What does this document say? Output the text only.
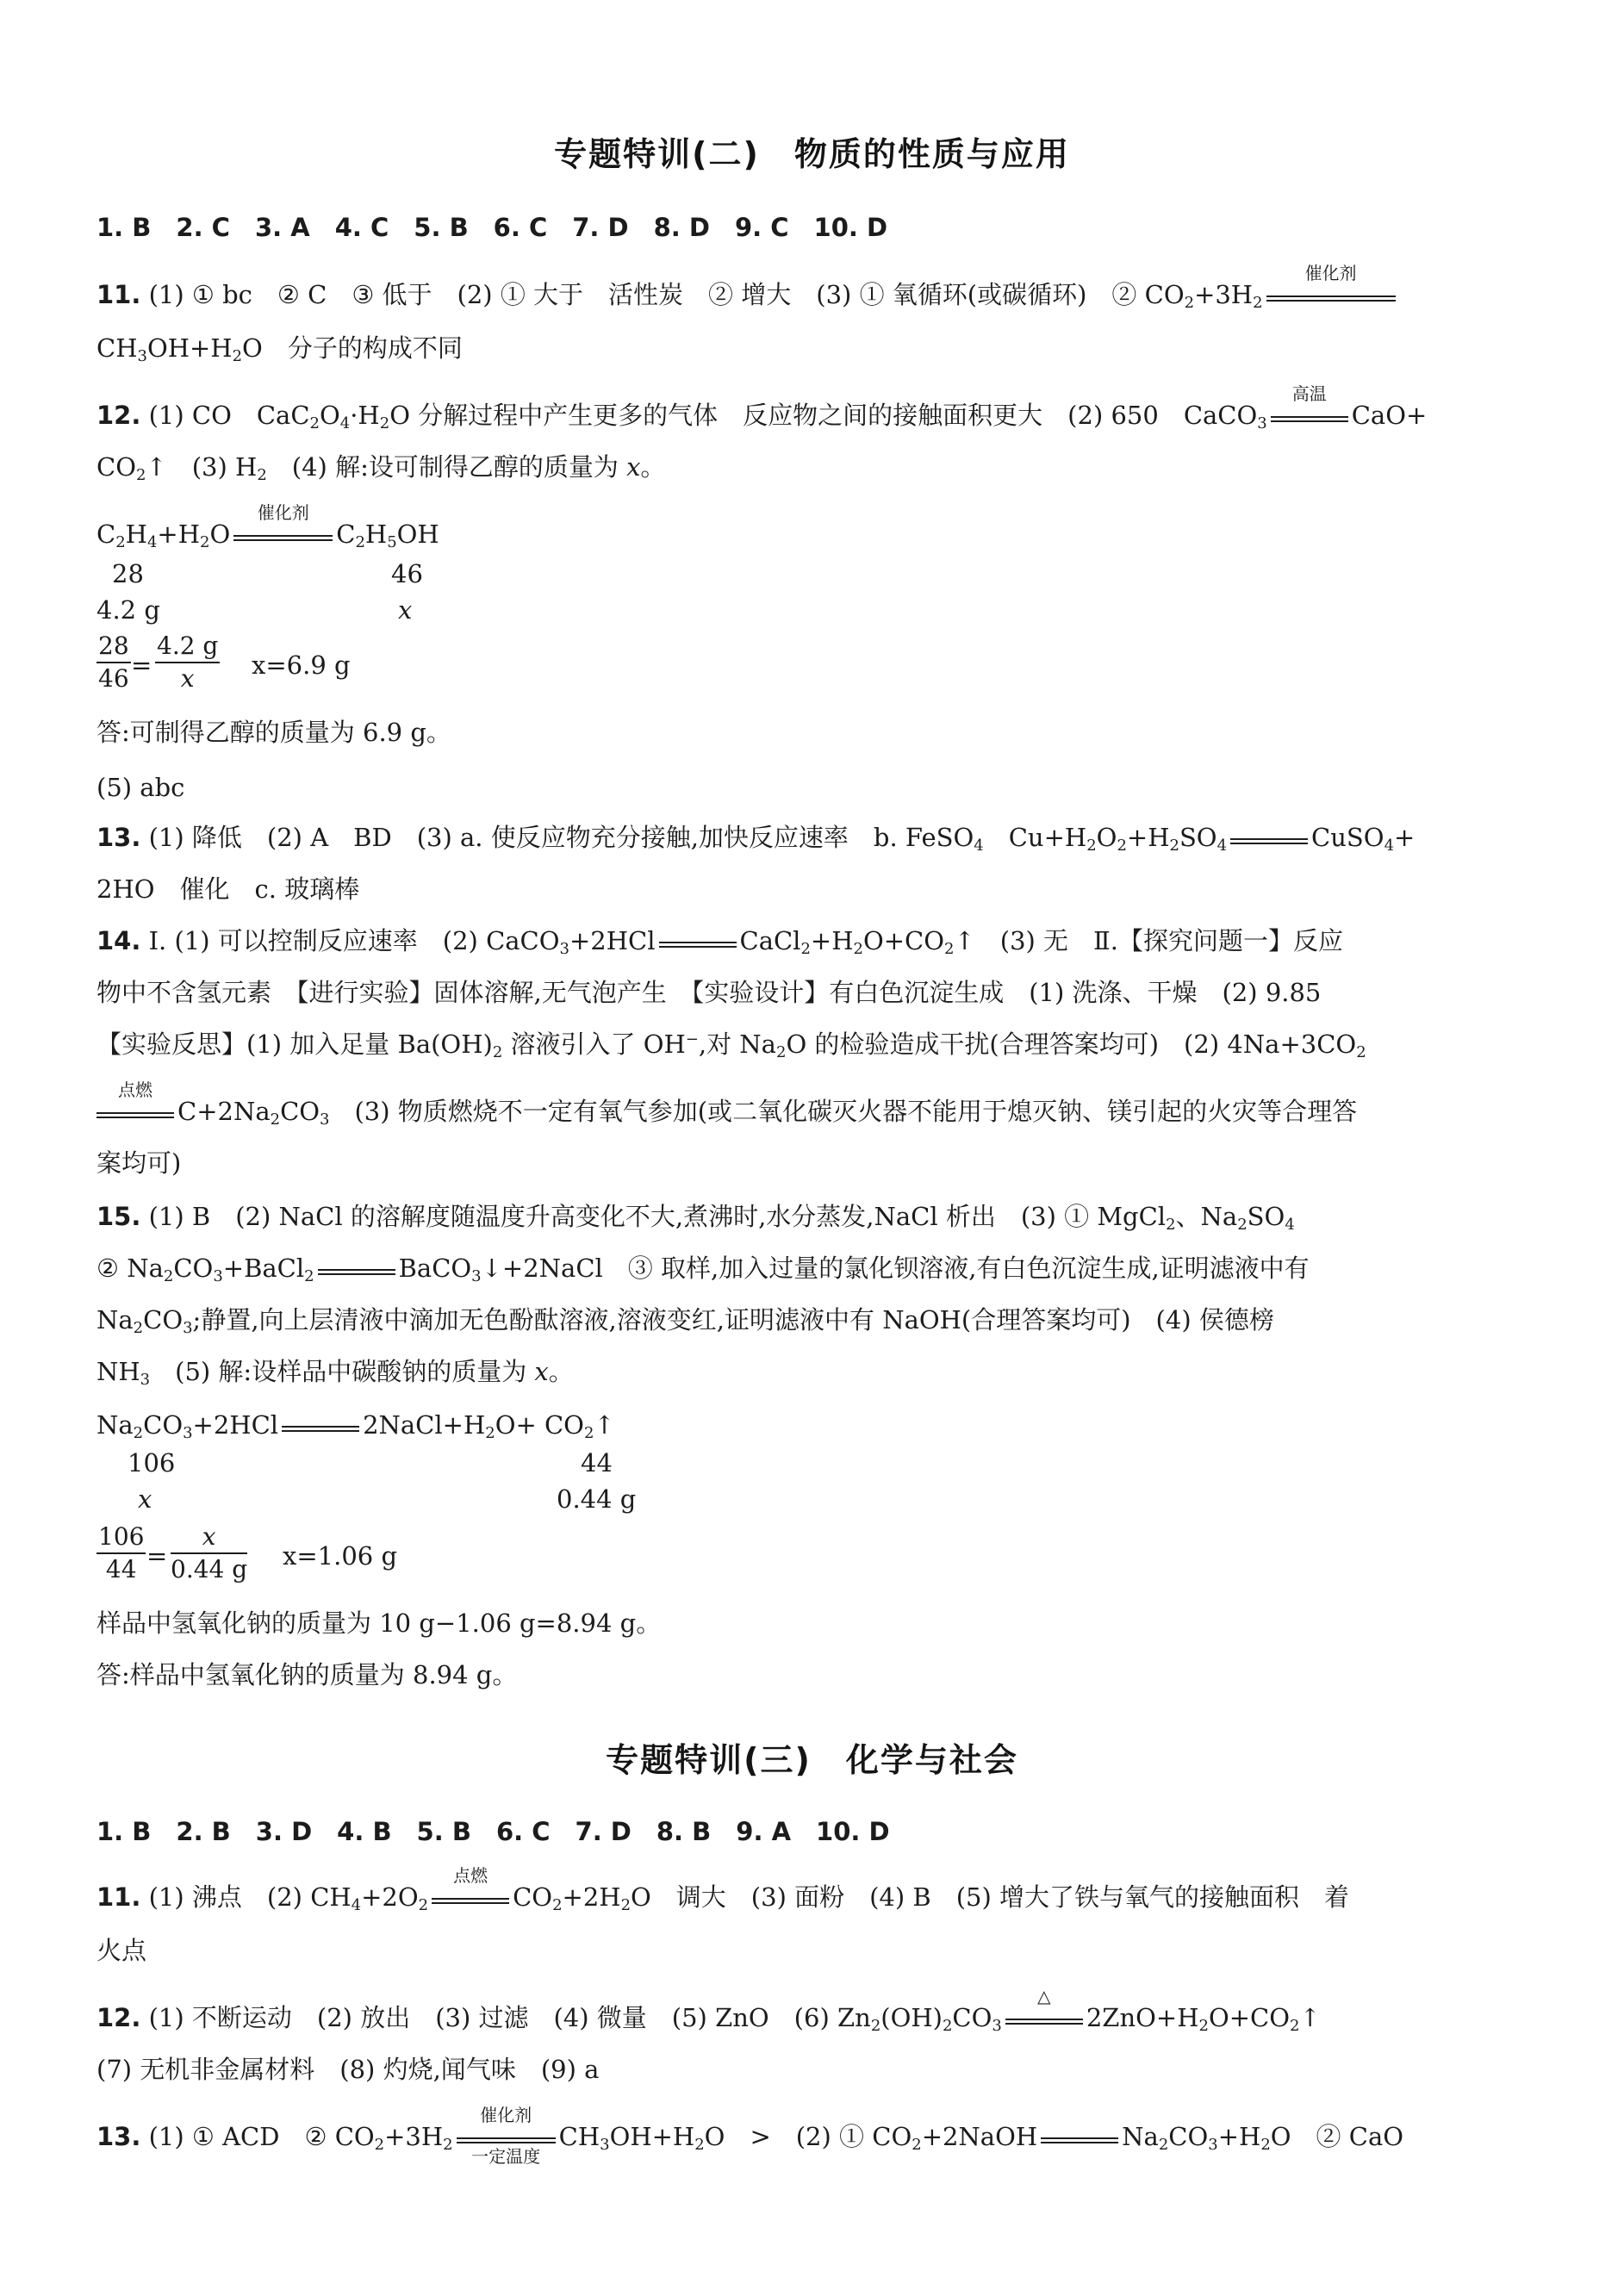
专题特训(二)　物质的性质与应用
1. B　2. C　3. A　4. C　5. B　6. C　7. D　8. D　9. C　10. D
11. (1) ① bc　② C　③ 低于　(2) ① 大于　活性炭　② 增大　(3) ① 氧循环(或碳循环)　② $CO_2+3H_2$
催化剂
$CH_3OH+H_2O$　分子的构成不同
12. (1) CO　$CaC_2O_4\cdot H_2O$ 分解过程中产生更多的气体　反应物之间的接触面积更大　(2) 650　CaCO$_3$
高温
CaO+
$CO_2↑$　(3) $H_2$　(4) 解:设可制得乙醇的质量为 x。
$C_2H_4+H_2O$
催化剂
$C_2H_5OH$
28	46
4.2 g	x
$\frac{28}{46} = \frac{4.2 g}{x} x=6.9$ g
答:可制得乙醇的质量为 6.9 g。
(5) abc
13. (1) 降低　(2) A　BD　(3) a. 使反应物充分接触,加快反应速率　b. FeSO$_4$　$Cu+H_2O_2+H_2SO_4$	CuSO$_4$+
2HO　催化　c. 玻璃棒
14. Ⅰ. (1) 可以控制反应速率　(2) CaCO$_3$+2HCl	$CaCl_2+H_2O+CO_2↑$　(3) 无　Ⅱ.【探究问题一】反应
物中不含氢元素　【进行实验】固体溶解,无气泡产生　【实验设计】有白色沉淀生成　(1) 洗涤、干燥　(2) 9.85
【实验反思】(1) 加入足量 $Ba(OH)_2$ 溶液引入了 OH−,对 $Na_2O$ 的检验造成干扰(合理答案均可)　(2) $4Na+3CO_2$
点燃
$C+2Na_2CO_3$　(3) 物质燃烧不一定有氧气参加(或二氧化碳灭火器不能用于熄灭钠、镁引起的火灾等合理答
案均可)
15. (1) B　(2) NaCl 的溶解度随温度升高变化不大,煮沸时,水分蒸发,NaCl 析出　(3) ① MgCl$_2$、$Na_2SO_4$
② $Na_2CO_3+BaCl_2$	BaCO$_3$↓+2NaCl　③ 取样,加入过量的氯化钡溶液,有白色沉淀生成,证明滤液中有
$Na_2CO_3$;静置,向上层清液中滴加无色酚酞溶液,溶液变红,证明滤液中有 NaOH(合理答案均可)　(4) 侯德榜
$NH_3$　(5) 解:设样品中碳酸钠的质量为 x。
$Na_2CO_3+2HCl$	$2NaCl+H_2O+$ $CO_2↑$
106	44
x	0.44 g
$\frac{106}{44} = \frac{x}{0.44 g} x=1.06$ g
样品中氢氧化钠的质量为 10 g−1.06 g=8.94 g。
答:样品中氢氧化钠的质量为 8.94 g。
专题特训(三)　化学与社会
1. B　2. B　3. D　4. B　5. B　6. C　7. D　8. B　9. A　10. D
11. (1) 沸点　(2) $CH_4+2O_2$
点燃
$CO_2+2H_2O$　调大　(3) 面粉　(4) B　(5) 增大了铁与氧气的接触面积　着
火点
12. (1) 不断运动　(2) 放出　(3) 过滤　(4) 微量　(5) ZnO　(6) $Zn_2(OH)_2CO_3$
△
$2ZnO+H_2O+CO_2↑$
(7) 无机非金属材料　(8) 灼烧,闻气味　(9) a
13. (1) ① ACD　② $CO_2+3H_2$
催化剂
一定温度
$CH_3OH+H_2O$　>　(2) ① $CO_2+2NaOH$	$Na_2CO_3+H_2O$　② CaO
